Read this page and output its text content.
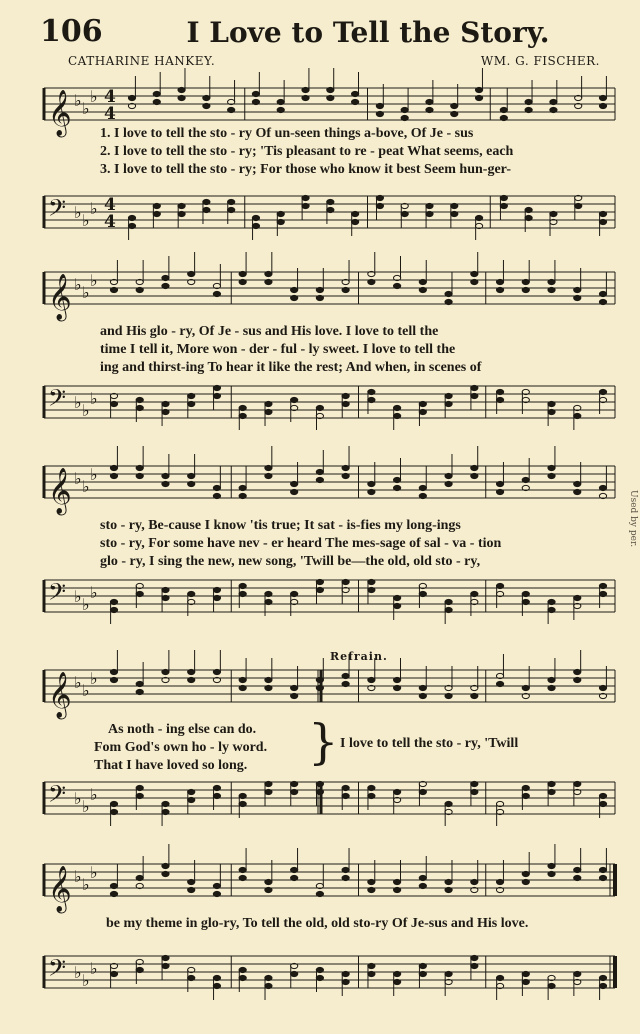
106	I Love to Tell the Story.
CATHARINE HANKEY.	WM. G. FISCHER.
Used by per.
𝄞 ♭ ♭
♭ 4
4
𝄢 ♭ ♭
♭ 4
4
1. I love to tell the sto - ry Of un-seen things a-bove, Of Je - sus
2. I love to tell the sto - ry; 'Tis pleasant to re - peat What seems, each
3. I love to tell the sto - ry; For those who know it best Seem hun-ger-
𝄞 ♭ ♭
♭
𝄢 ♭ ♭
♭
and His glo - ry, Of Je - sus and His love. I love to tell the
time I tell it, More won - der - ful - ly sweet. I love to tell the
ing and thirst-ing To hear it like the rest; And when, in scenes of
𝄞 ♭ ♭
♭
𝄢 ♭ ♭
♭
sto - ry, Be-cause I know 'tis true; It sat - is-fies my long-ings
sto - ry, For some have nev - er heard The mes-sage of sal - va - tion
glo - ry, I sing the new, new song, 'Twill be—the old, old sto - ry,
Refrain.
𝄞 ♭ ♭
♭
𝄢 ♭ ♭
♭
As noth - ing else can do.
Fom God's own ho - ly word.
That I have loved so long. } I love to tell the sto - ry, 'Twill
𝄞 ♭ ♭
♭
𝄢 ♭ ♭
♭
be my theme in glo-ry, To tell the old, old sto-ry Of Je-sus and His love.
